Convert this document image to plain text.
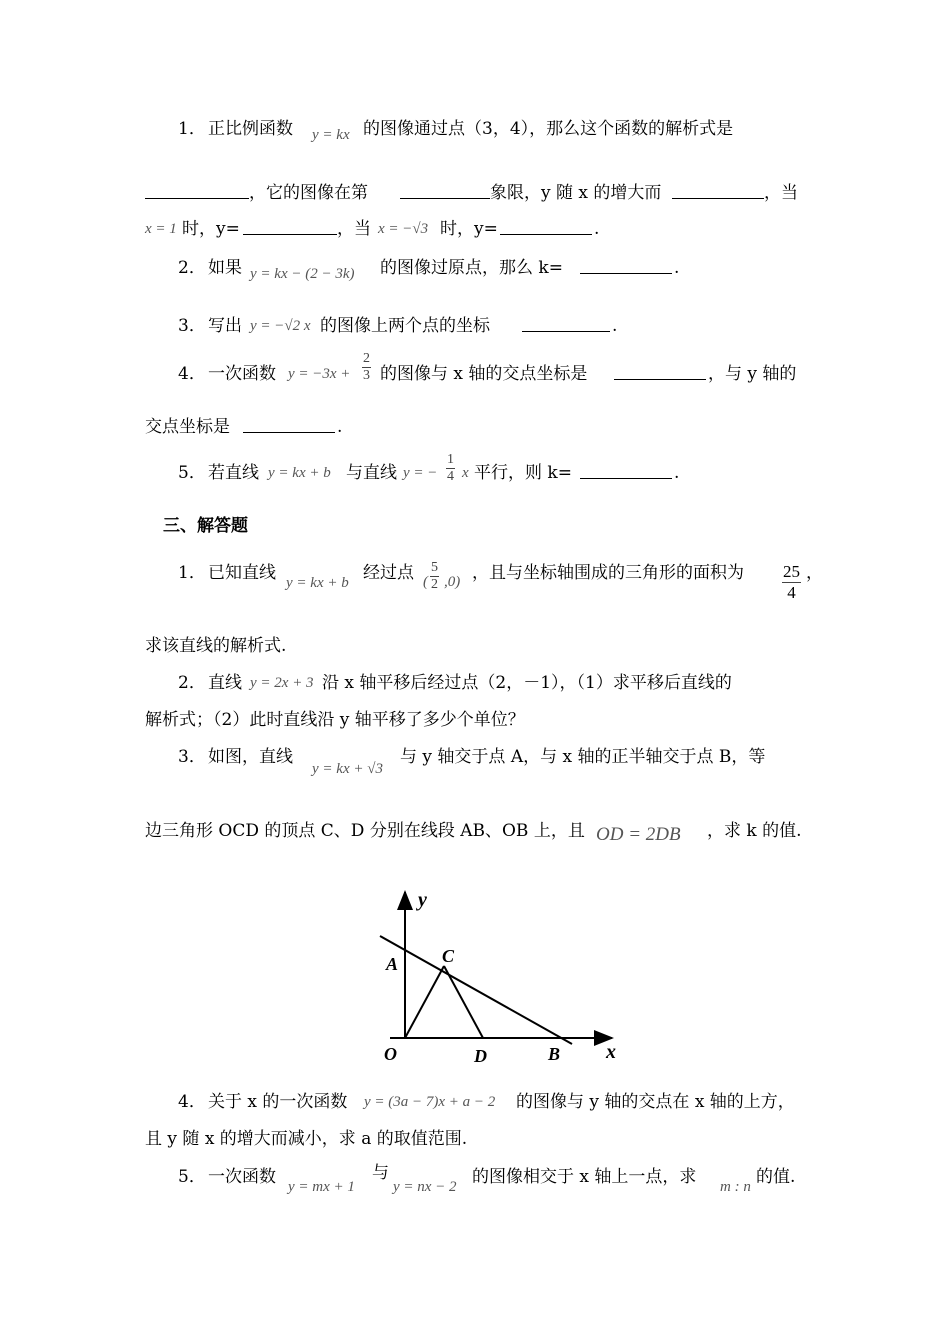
1． 正比例函数 y = kx 的图像通过点（3，4），那么这个函数的解析式是
，它的图像在第	象限，y 随 x 的增大而	，当
x = 1 时，y=	，当 x = −√3 时，y=	.
2． 如果 y = kx − (2 − 3k) 的图像过原点，那么 k=	.
3． 写出 y = −√2 x 的图像上两个点的坐标	.
4． 一次函数 $y = -3x + \frac{2}{3}$ 的图像与 x 轴的交点坐标是	，与 y 轴的
交点坐标是	.
5． 若直线 y = kx + b 与直线 y = − $\frac{1}{4}$ x 平行，则 k=	.
三、解答题
1． 已知直线 y = kx + b 经过点 ( $\frac{5}{2} ,0$) ，且与坐标轴围成的三角形的面积为 $\frac{25}{4}$ ，
求该直线的解析式.
2． 直线 y = 2x + 3 沿 x 轴平移后经过点（2，－1），（1）求平移后直线的
解析式；（2）此时直线沿 y 轴平移了多少个单位？
3． 如图，直线
y = kx + √3
与 y 轴交于点 A，与 x 轴的正半轴交于点 B，等
边三角形 OCD 的顶点 C、D 分别在线段 AB、OB 上，且 OD = 2DB ，求 k 的值.
y
A C
O	D	B x
4． 关于 x 的一次函数 y = (3a − 7)x + a − 2 的图像与 y 轴的交点在 x 轴的上方，
且 y 随 x 的增大而减小，求 a 的取值范围.
5． 一次函数 y = mx + 1
与
y = nx − 2 的图像相交于 x 轴上一点，求 m : n 的值.
